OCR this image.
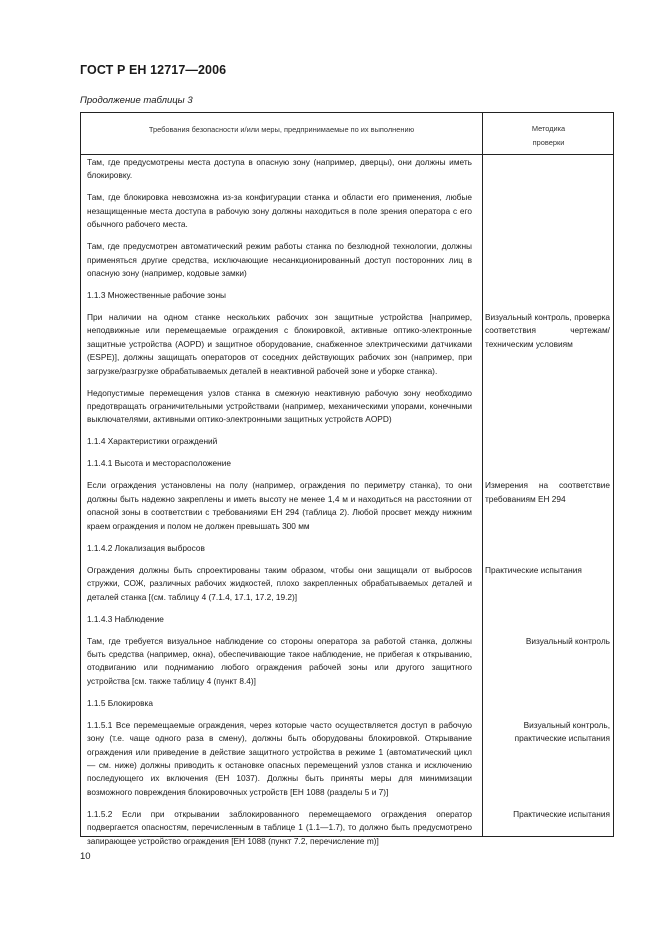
ГОСТ Р ЕН 12717—2006
Продолжение таблицы 3
Требования безопасности и/или меры, предпринимаемые по их выполнению	Методика
проверки
Там, где предусмотрены места доступа в опасную зону (например, дверцы), они должны иметь блокировку.
Там, где блокировка невозможна из-за конфигурации станка и области его применения, любые незащищенные места доступа в рабочую зону должны находиться в поле зрения оператора с его обычного рабочего места.
Там, где предусмотрен автоматический режим работы станка по безлюдной технологии, должны применяться другие средства, исключающие несанкционированный доступ посторонних лиц в опасную зону (например, кодовые замки)
1.1.3 Множественные рабочие зоны
При наличии на одном станке нескольких рабочих зон защитные устройства [например, неподвижные или перемещаемые ограждения с блокировкой, активные оптико-электронные защитные устройства (AOPD) и защитное оборудование, снабженное электрическими датчиками (ESPE)], должны защищать операторов от соседних действующих рабочих зон (например, при загрузке/разгрузке обрабатываемых деталей в неактивной рабочей зоне и уборке станка).
Визуальный контроль, проверка соответствия чертежам/техническим условиям
Недопустимые перемещения узлов станка в смежную неактивную рабочую зону необходимо предотвращать ограничительными устройствами (например, механическими упорами, конечными выключателями, активными оптико-электронными защитных устройств AOPD)
1.1.4 Характеристики ограждений
1.1.4.1 Высота и месторасположение
Если ограждения установлены на полу (например, ограждения по периметру станка), то они должны быть надежно закреплены и иметь высоту не менее 1,4 м и находиться на расстоянии от опасной зоны в соответствии с требованиями ЕН 294 (таблица 2). Любой просвет между нижним краем ограждения и полом не должен превышать 300 мм
Измерения на соответствие требованиям ЕН 294
1.1.4.2 Локализация выбросов
Ограждения должны быть спроектированы таким образом, чтобы они защищали от выбросов стружки, СОЖ, различных рабочих жидкостей, плохо закрепленных обрабатываемых деталей и деталей станка [(см. таблицу 4 (7.1.4, 17.1, 17.2, 19.2)]
Практические испытания
1.1.4.3 Наблюдение
Там, где требуется визуальное наблюдение со стороны оператора за работой станка, должны быть средства (например, окна), обеспечивающие такое наблюдение, не прибегая к открыванию, отодвиганию или подниманию любого ограждения рабочей зоны или другого защитного устройства [см. также таблицу 4 (пункт 8.4)]
Визуальный контроль
1.1.5 Блокировка
1.1.5.1 Все перемещаемые ограждения, через которые часто осуществляется доступ в рабочую зону (т.е. чаще одного раза в смену), должны быть оборудованы блокировкой. Открывание ограждения или приведение в действие защитного устройства в режиме 1 (автоматический цикл — см. ниже) должны приводить к остановке опасных перемещений узлов станка и исключению последующего их включения (ЕН 1037). Должны быть приняты меры для минимизации возможного повреждения блокировочных устройств [ЕН 1088 (разделы 5 и 7)]
Визуальный контроль, практические испытания
1.1.5.2 Если при открывании заблокированного перемещаемого ограждения оператор подвергается опасностям, перечисленным в таблице 1 (1.1—1.7), то должно быть предусмотрено запирающее устройство ограждения [ЕН 1088 (пункт 7.2, перечисление m)]
Практические испытания
10
